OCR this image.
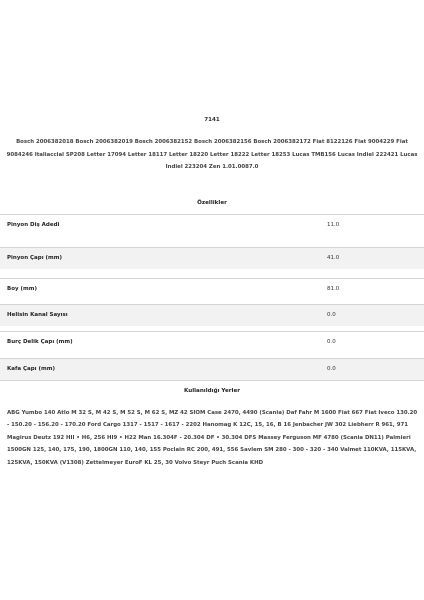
7141
Bosch 2006382018 Bosch 2006382019 Bosch 2006382152 Bosch 2006382156 Bosch 2006382172 Fiat 8122126 Fiat 9004229 Fiat 9084246 Italiaccial SP208 Letter 17094 Letter 18117 Letter 18220 Letter 18222 Letter 18253 Lucas TMB156 Lucas Indiel 222421 Lucas Indiel 223204 Zen 1.01.0087.0
Özellikler
Pinyon Diş Adedi	11.0
Pinyon Çapı (mm)	41.0
Boy (mm)	81.0
Helisin Kanal Sayısı	0.0
Burç Delik Çapı (mm)	0.0
Kafa Çapı (mm)	0.0
Kullanıldığı Yerler
ABG Yumbo 140 Atlo M 32 S, M 42 S, M 52 S, M 62 S, MZ 42 SIOM Case 2470, 4490 (Scania) Daf Fahr M 1600 Fiat 667 Fiat Iveco 130.20 - 150.20 - 156.20 - 170.20 Ford Cargo 1317 - 1517 - 1617 - 2202 Hanomag K 12C, 15, 16, B 16 Jenbacher JW 302 Liebherr R 961, 971 Magirus Deutz 192 HII • H6, 256 HI9 • H22 Man 16.304F - 20.304 DF • 30.304 DFS Massey Ferguson MF 4780 (Scania DN11) Palmieri 1500GN 125, 140, 175, 190, 1800GN 110, 140, 155 Poclain RC 200, 491, 556 Savlem SM 280 - 300 - 320 - 340 Valmet 110KVA, 115KVA, 125KVA, 150KVA (V1308) Zettelmeyer EuroF KL 25, 30 Volvo Steyr Puch Scania KHD
